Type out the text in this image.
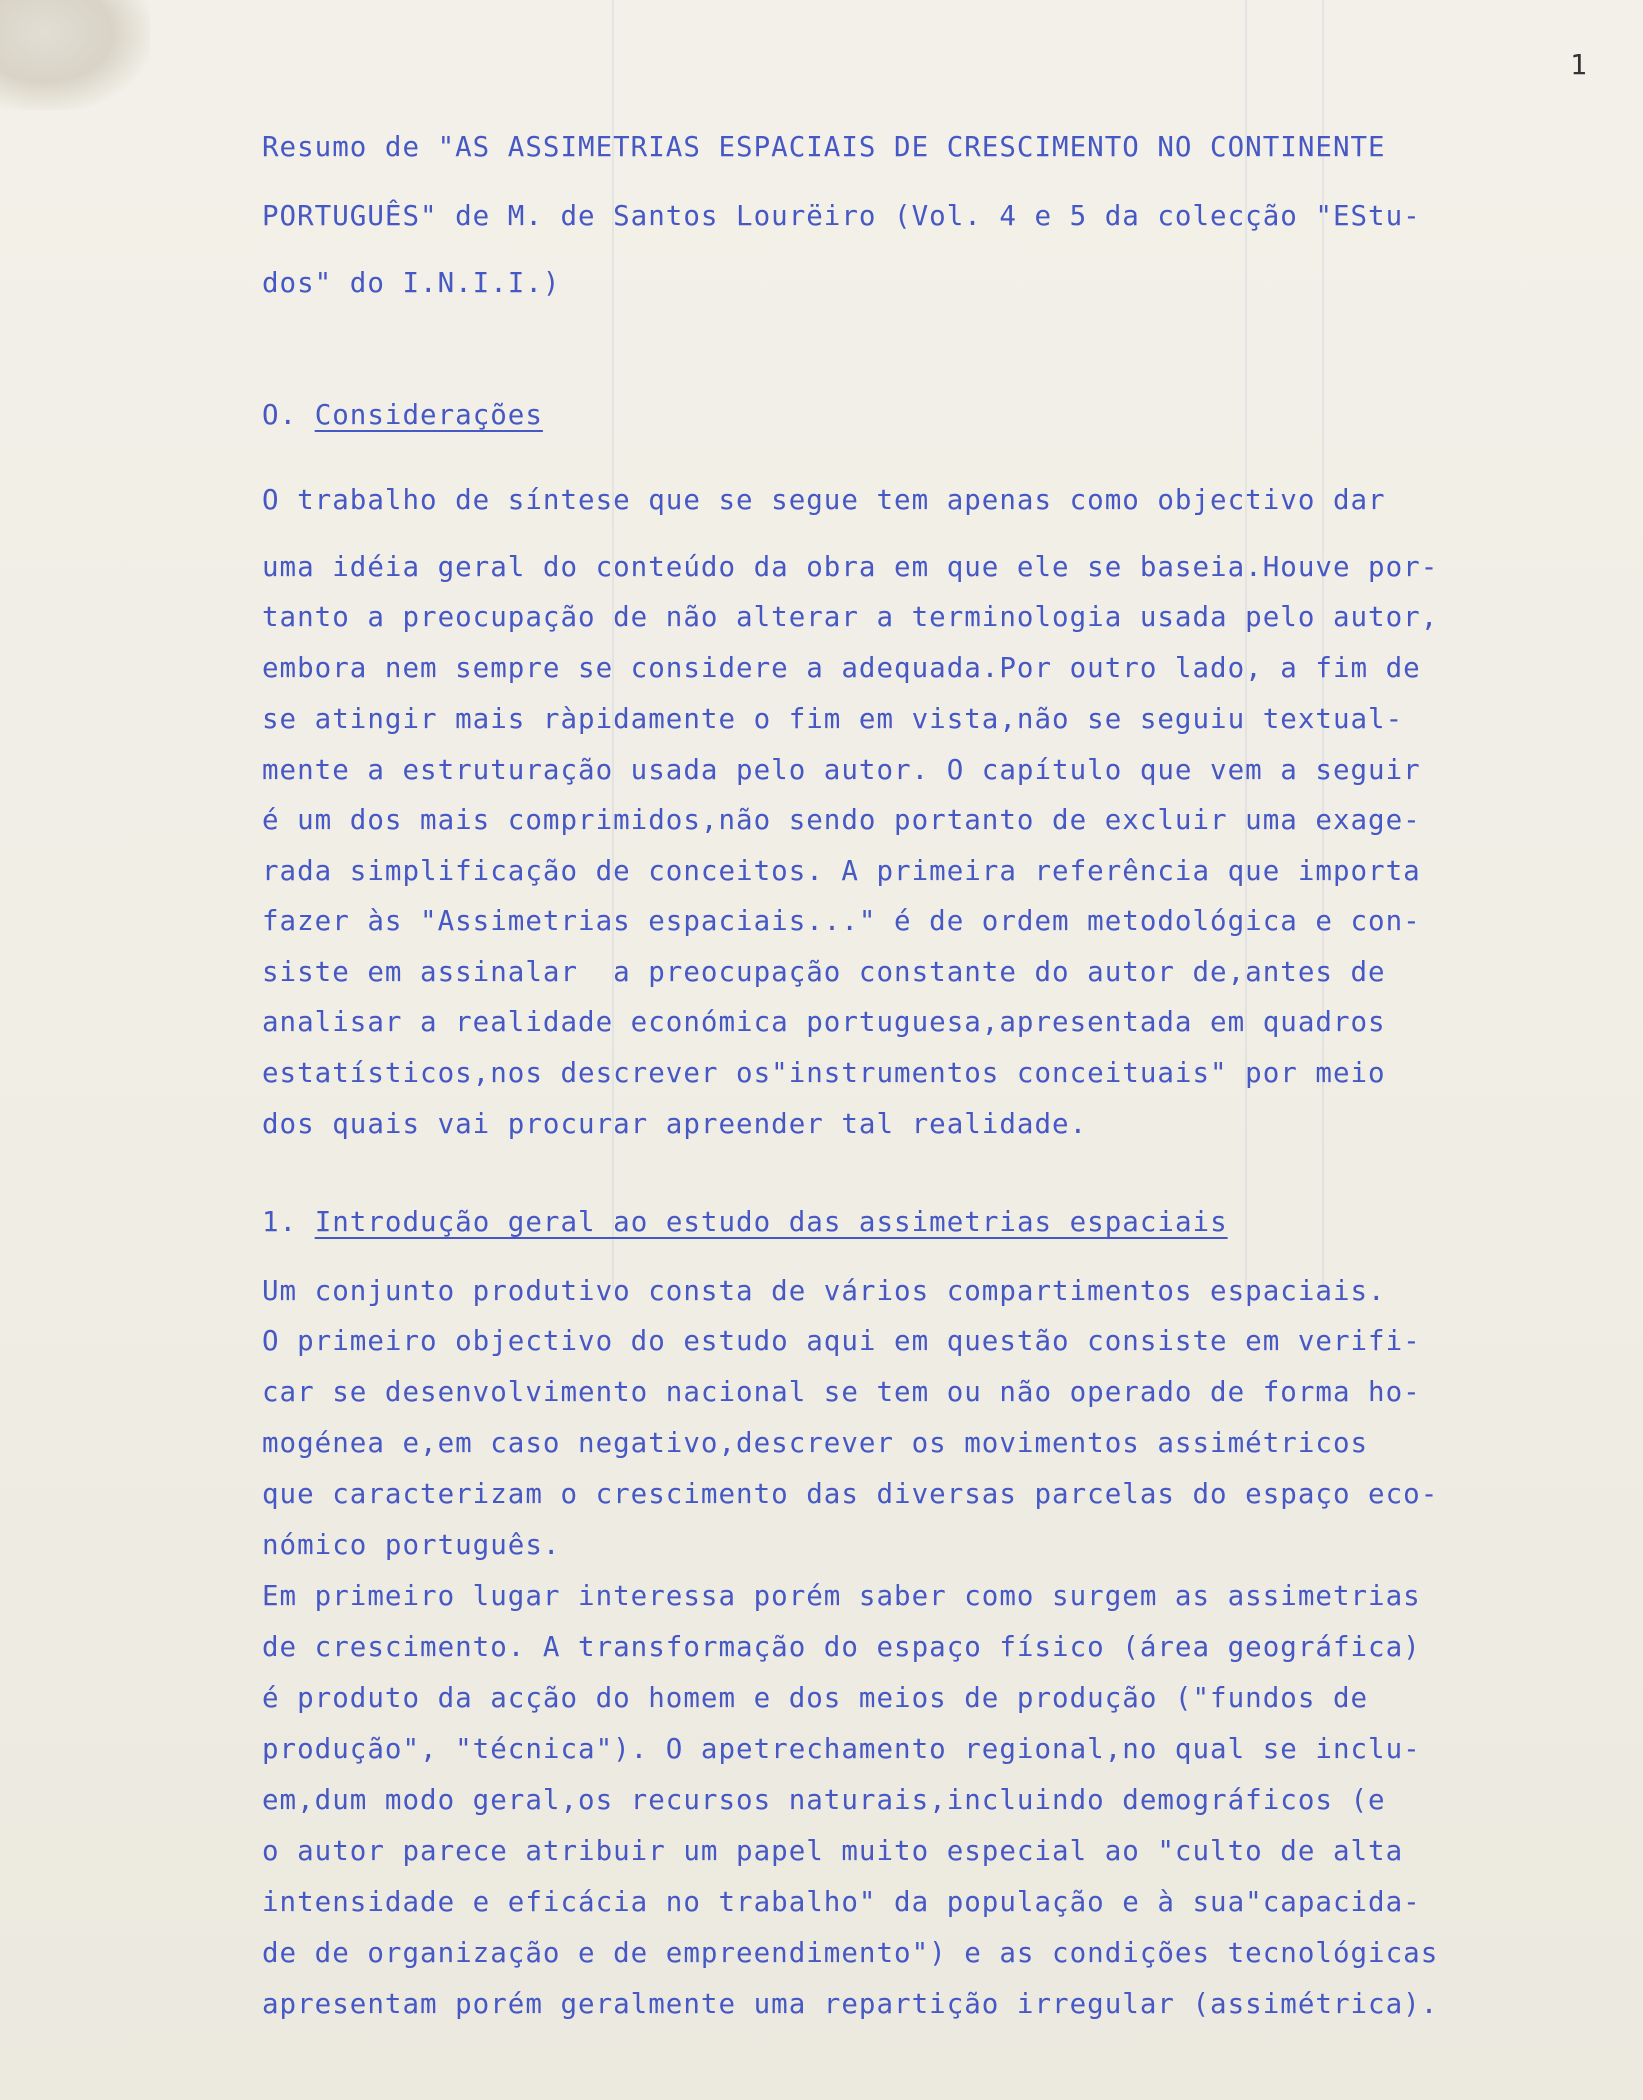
1
Resumo de "AS ASSIMETRIAS ESPACIAIS DE CRESCIMENTO NO CONTINENTE
PORTUGUÊS" de M. de Santos Lourëiro (Vol. 4 e 5 da colecção "EStu-
dos" do I.N.I.I.)
O. Considerações
O trabalho de síntese que se segue tem apenas como objectivo dar
uma idéia geral do conteúdo da obra em que ele se baseia.Houve por-
tanto a preocupação de não alterar a terminologia usada pelo autor,
embora nem sempre se considere a adequada.Por outro lado, a fim de
se atingir mais ràpidamente o fim em vista,não se seguiu textual-
mente a estruturação usada pelo autor. O capítulo que vem a seguir
é um dos mais comprimidos,não sendo portanto de excluir uma exage-
rada simplificação de conceitos. A primeira referência que importa
fazer às "Assimetrias espaciais..." é de ordem metodológica e con-
siste em assinalar  a preocupação constante do autor de,antes de
analisar a realidade económica portuguesa,apresentada em quadros
estatísticos,nos descrever os"instrumentos conceituais" por meio
dos quais vai procurar apreender tal realidade.
1. Introdução geral ao estudo das assimetrias espaciais
Um conjunto produtivo consta de vários compartimentos espaciais.
O primeiro objectivo do estudo aqui em questão consiste em verifi-
car se desenvolvimento nacional se tem ou não operado de forma ho-
mogénea e,em caso negativo,descrever os movimentos assimétricos
que caracterizam o crescimento das diversas parcelas do espaço eco-
nómico português.
Em primeiro lugar interessa porém saber como surgem as assimetrias
de crescimento. A transformação do espaço físico (área geográfica)
é produto da acção do homem e dos meios de produção ("fundos de
produção", "técnica"). O apetrechamento regional,no qual se inclu-
em,dum modo geral,os recursos naturais,incluindo demográficos (e
o autor parece atribuir um papel muito especial ao "culto de alta
intensidade e eficácia no trabalho" da população e à sua"capacida-
de de organização e de empreendimento") e as condições tecnológicas
apresentam porém geralmente uma repartição irregular (assimétrica).
